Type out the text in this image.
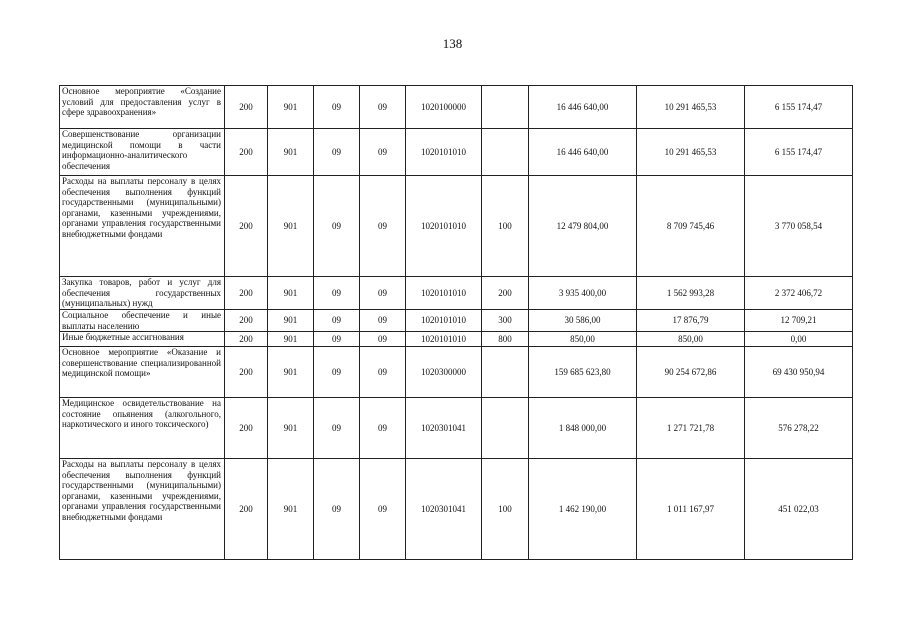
138
Основное мероприятие «Создание условий для предоставления услуг в сфере здравоохранения»	200	901	09	09	1020100000		16 446 640,00	10 291 465,53	6 155 174,47
Совершенствование организации медицинской помощи в части информационно-аналитического обеспечения	200	901	09	09	1020101010		16 446 640,00	10 291 465,53	6 155 174,47
Расходы на выплаты персоналу в целях обеспечения выполнения функций государственными (муниципальными) органами, казенными учреждениями, органами управления государственными внебюджетными фондами	200	901	09	09	1020101010	100	12 479 804,00	8 709 745,46	3 770 058,54
Закупка товаров, работ и услуг для обеспечения государственных (муниципальных) нужд	200	901	09	09	1020101010	200	3 935 400,00	1 562 993,28	2 372 406,72
Социальное обеспечение и иные выплаты населению	200	901	09	09	1020101010	300	30 586,00	17 876,79	12 709,21
Иные бюджетные ассигнования	200	901	09	09	1020101010	800	850,00	850,00	0,00
Основное мероприятие «Оказание и совершенствование специализированной медицинской помощи»	200	901	09	09	1020300000		159 685 623,80	90 254 672,86	69 430 950,94
Медицинское освидетельствование на состояние опьянения (алкогольного, наркотического и иного токсического)	200	901	09	09	1020301041		1 848 000,00	1 271 721,78	576 278,22
Расходы на выплаты персоналу в целях обеспечения выполнения функций государственными (муниципальными) органами, казенными учреждениями, органами управления государственными внебюджетными фондами	200	901	09	09	1020301041	100	1 462 190,00	1 011 167,97	451 022,03
